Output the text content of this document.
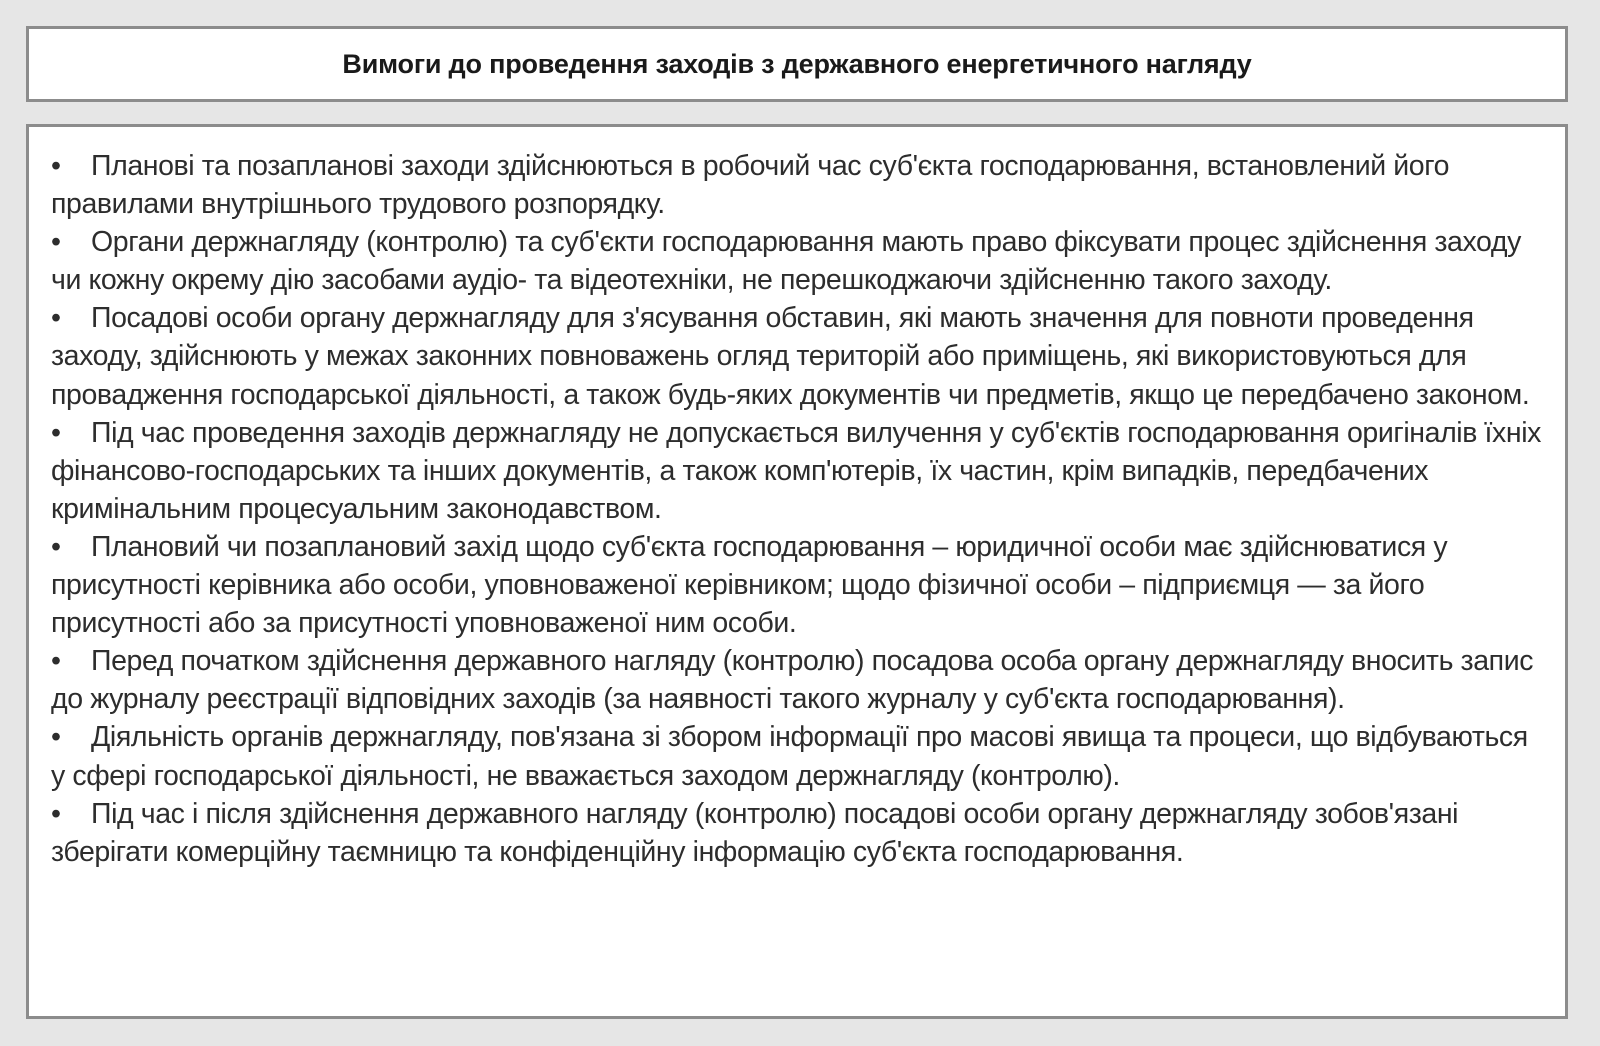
Вимоги до проведення заходів з державного енергетичного нагляду
• Планові та позапланові заходи здійснюються в робочий час суб'єкта господарювання, встановлений його правилами внутрішнього трудового розпорядку.
• Органи держнагляду (контролю) та суб'єкти господарювання мають право фіксувати процес здійснення заходу чи кожну окрему дію засобами аудіо- та відеотехніки, не перешкоджаючи здійсненню такого заходу.
• Посадові особи органу держнагляду для з'ясування обставин, які мають значення для повноти проведення заходу, здійснюють у межах законних повноважень огляд територій або приміщень, які використовуються для провадження господарської діяльності, а також будь-яких документів чи предметів, якщо це передбачено законом.
• Під час проведення заходів держнагляду не допускається вилучення у суб'єктів господарювання оригіналів їхніх фінансово-господарських та інших документів, а також комп'ютерів, їх частин, крім випадків, передбачених кримінальним процесуальним законодавством.
• Плановий чи позаплановий захід щодо суб'єкта господарювання – юридичної особи має здійснюватися у присутності керівника або особи, уповноваженої керівником; щодо фізичної особи – підприємця — за його присутності або за присутності уповноваженої ним особи.
• Перед початком здійснення державного нагляду (контролю) посадова особа органу держнагляду вносить запис до журналу реєстрації відповідних заходів (за наявності такого журналу у суб'єкта господарювання).
• Діяльність органів держнагляду, пов'язана зі збором інформації про масові явища та процеси, що відбуваються у сфері господарської діяльності, не вважається заходом держнагляду (контролю).
• Під час і після здійснення державного нагляду (контролю) посадові особи органу держнагляду зобов'язані зберігати комерційну таємницю та конфіденційну інформацію суб'єкта господарювання.
